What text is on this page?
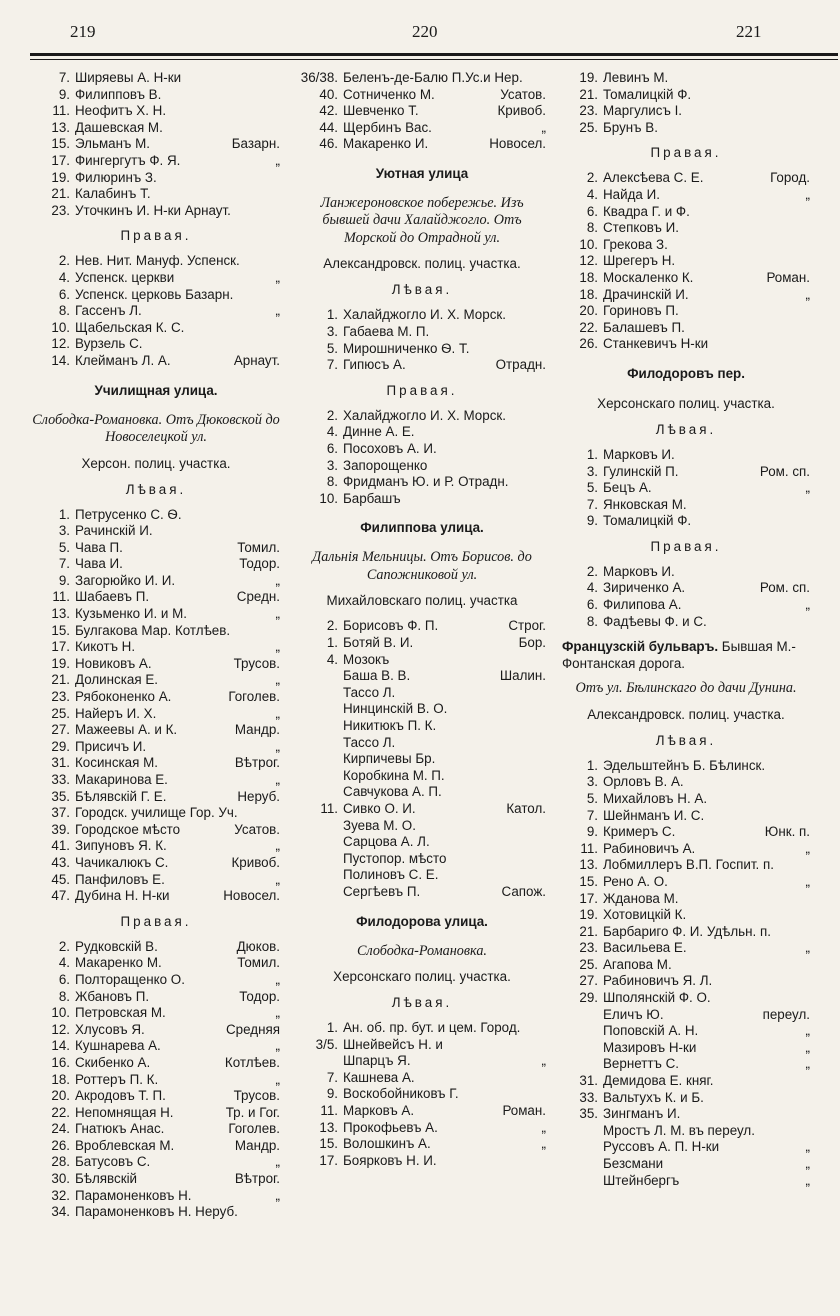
219	220	221
7. Ширяевы А. Н-ки
9. Филипповъ В.
11. Неофитъ Х. Н.
13. Дашевская М.
15. Эльманъ М.	Базарн.
17. Фингергутъ Ф. Я.	„
19. Филюринъ З.
21. Калабинъ Т.
23. Уточкинъ И. Н-ки Арнаут.
Правая.
2. Нев. Нит. Мануф. Успенск.
4. Успенск. церкви	„
6. Успенск. церковь Базарн.
8. Гассенъ Л.	„
10. Щабельская К. С.
12. Вурзель С.
14. Клейманъ Л. А.	Арнаут.
Училищная улица.
Слободка-Романовка. Отъ Дюковской до Новоселецкой ул.
Херсон. полиц. участка.
Лѣвая.
1. Петрусенко С. Ѳ.
3. Рачинскій И.
5. Чава П.	Томил.
7. Чава И.	Тодор.
9. Загорюйко И. И.	„
11. Шабаевъ П.	Средн.
13. Кузьменко И. и М.	„
15. Булгакова Мар. Котлѣев.
17. Кикотъ Н.	„
19. Новиковъ А.	Трусов.
21. Долинская Е.	„
23. Рябоконенко А.	Гоголев.
25. Найеръ И. Х.	„
27. Мажеевы А. и К.	Мандр.
29. Присичъ И.	„
31. Косинская М.	Вѣтрог.
33. Макаринова Е.	„
35. Бѣлявскій Г. Е.	Неруб.
37. Городск. училище Гор. Уч.
39. Городское мѣсто	Усатов.
41. Зипуновъ Я. К.	„
43. Чачикалюкъ С.	Кривоб.
45. Панфиловъ Е.	„
47. Дубина Н. Н-ки	Новосел.
Правая.
2. Рудковскій В.	Дюков.
4. Макаренко М.	Томил.
6. Полторащенко О.	„
8. Жбановъ П.	Тодор.
10. Петровская М.	„
12. Хлусовъ Я.	Средняя
14. Кушнарева А.	„
16. Скибенко А.	Котлѣев.
18. Роттеръ П. К.	„
20. Акродовъ Т. П.	Трусов.
22. Непомнящая Н.	Тр. и Гог.
24. Гнатюкъ Анас.	Гоголев.
26. Вроблевская М.	Мандр.
28. Батусовъ С.	„
30. Бѣлявскій	Вѣтрог.
32. Парамоненковъ Н.	„
34. Парамоненковъ Н. Неруб.
36/38. Беленъ-де-Балю П.Ус.и Нер.
40. Сотниченко М.	Усатов.
42. Шевченко Т.	Кривоб.
44. Щербинъ Вас.	„
46. Макаренко И.	Новосел.
Уютная улица
Ланжероновское побережье. Изъ бывшей дачи Халайджогло. Отъ Морской до Отрадной ул.
Александровск. полиц. участка.
Лѣвая.
1. Халайджогло И. Х. Морск.
3. Габаева М. П.
5. Мирошниченко Ѳ. Т.
7. Гипюсъ А.	Отрадн.
Правая.
2. Халайджогло И. Х. Морск.
4. Динне А. Е.
6. Посоховъ А. И.
3. Запорощенко
8. Фридманъ Ю. и Р. Отрадн.
10. Барбашъ
Филиппова улица.
Дальнія Мельницы. Отъ Борисов. до Сапожниковой ул.
Михайловскаго полиц. участка
2. Борисовъ Ф. П.	Строг.
1. Ботяй В. И.	Бор.
4. Мозокъ
Баша В. В.	Шалин.
Тассо Л.
Нинцинскій В. О.
Никитюкъ П. К.
Тассо Л.
Кирпичевы Бр.
Коробкина М. П.
Савчукова А. П.
11. Сивко О. И.	Катол.
Зуева М. О.
Сарцова А. Л.
Пустопор. мѣсто
Полиновъ С. Е.
Сергѣевъ П.	Сапож.
Филодорова улица.
Слободка-Романовка.
Херсонскаго полиц. участка.
Лѣвая.
1. Ан. об. пр. бут. и цем. Город.
3/5. Шнейвейсъ Н. и
Шпарцъ Я.	„
7. Кашнева А.
9. Воскобойниковъ Г.
11. Марковъ А.	Роман.
13. Прокофьевъ А.	„
15. Волошкинъ А.	„
17. Боярковъ Н. И.
19. Левинъ М.
21. Томалицкій Ф.
23. Маргулисъ І.
25. Брунъ В.
Правая.
2. Алексѣева С. Е.	Город.
4. Найда И.	„
6. Квадра Г. и Ф.
8. Степковъ И.
10. Грекова З.
12. Шрегеръ Н.
18. Москаленко К.	Роман.
18. Драчинскій И.	„
20. Гориновъ П.
22. Балашевъ П.
26. Станкевичъ Н-ки
Филодоровъ пер.
Херсонскаго полиц. участка.
Лѣвая.
1. Марковъ И.
3. Гулинскій П.	Ром. сп.
5. Бецъ А.	„
7. Янковская М.
9. Томалицкій Ф.
Правая.
2. Марковъ И.
4. Зириченко А.	Ром. сп.
6. Филипова А.	„
8. Фадѣевы Ф. и С.
Французскій бульваръ. Бывшая М.-Фонтанская дорога.
Отъ ул. Бѣлинскаго до дачи Дунина.
Александровск. полиц. участка.
Лѣвая.
1. Эдельштейнъ Б. Бѣлинск.
3. Орловъ В. А.
5. Михайловъ Н. А.
7. Шейнманъ И. С.
9. Кримеръ С.	Юнк. п.
11. Рабиновичъ А.	„
13. Лобмиллеръ В.П. Госпит. п.
15. Рено А. О.	„
17. Жданова М.
19. Хотовицкій К.
21. Барбариго Ф. И. Удѣльн. п.
23. Васильева Е.	„
25. Агапова М.
27. Рабиновичъ Я. Л.
29. Шполянскій Ф. О.
Еличъ Ю.	переул.
Поповскій А. Н.	„
Мазировъ Н-ки	„
Вернеттъ С.	„
31. Демидова Е. княг.
33. Вальтухъ К. и Б.
35. Зингманъ И.
Мростъ Л. М. въ переул.
Руссовъ А. П. Н-ки	„
Безсмани	„
Штейнбергъ	„
